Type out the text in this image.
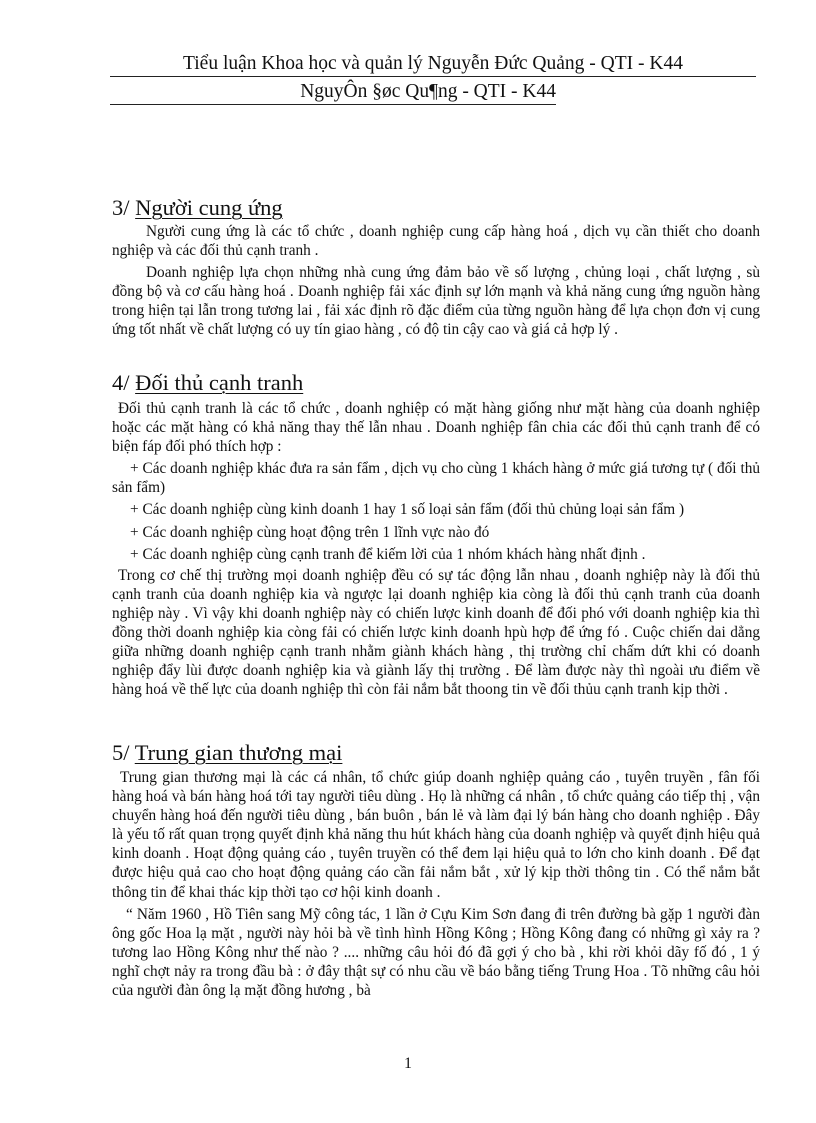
Tiểu luận Khoa học và quản lý Nguyễn Đức Quảng - QTI - K44
NguyÔn §øc Qu¶ng - QTI - K44
3/ Người cung ứng

Người cung ứng là các tổ chức , doanh nghiệp cung cấp hàng hoá , dịch vụ cần thiết cho doanh nghiệp và các đối thủ cạnh tranh .

Doanh nghiệp lựa chọn những nhà cung ứng đảm bảo về số lượng , chủng loại , chất lượng , sù đồng bộ và cơ cấu hàng hoá . Doanh nghiệp fải xác định sự lớn mạnh và khả năng cung ứng nguồn hàng trong hiện tại lẫn trong tương lai , fải xác định rõ đặc điểm của từng nguồn hàng để lựa chọn đơn vị cung ứng tốt nhất về chất lượng có uy tín giao hàng , có độ tin cậy cao và giá cả hợp lý .

4/ Đối thủ cạnh tranh

Đối thủ cạnh tranh là các tổ chức , doanh nghiệp có mặt hàng giống như mặt hàng của doanh nghiệp hoặc các mặt hàng có khả năng thay thế lẫn nhau . Doanh nghiệp fân chia các đối thủ cạnh tranh để có biện fáp đối phó thích hợp :

+ Các doanh nghiệp khác đưa ra sản fẩm , dịch vụ cho cùng 1 khách hàng ở mức giá tương tự ( đối thủ sản fẩm)

+ Các doanh nghiệp cùng kinh doanh 1 hay 1 số loại sản fẩm (đối thủ chủng loại sản fẩm )

+ Các doanh nghiệp cùng hoạt động trên 1 lĩnh vực nào đó

+ Các doanh nghiệp cùng cạnh tranh để kiếm lời của 1 nhóm khách hàng nhất định .

Trong cơ chế thị trường mọi doanh nghiệp đều có sự tác động lẫn nhau , doanh nghiệp này là đối thủ cạnh tranh của doanh nghiệp kia và ngược lại doanh nghiệp kia còng là đối thủ cạnh tranh của doanh nghiệp này . Vì vậy khi doanh nghiệp này có chiến lược kinh doanh để đối phó với doanh nghiệp kia thì đồng thời doanh nghiệp kia còng fải có chiến lược kinh doanh hpù hợp để ứng fó . Cuộc chiến dai dẳng giữa những doanh nghiệp cạnh tranh nhằm giành khách hàng , thị trường chỉ chấm dứt khi có doanh nghiệp đẩy lùi được doanh nghiệp kia và giành lấy thị trường . Để làm được này thì ngoài ưu điểm về hàng hoá về thế lực của doanh nghiệp thì còn fải nắm bắt thoong tin về đối thủu cạnh tranh kịp thời .

5/ Trung gian thương mại

Trung gian thương mại là các cá nhân, tổ chức giúp doanh nghiệp quảng cáo , tuyên truyền , fân fối hàng hoá và bán hàng hoá tới tay người tiêu dùng . Họ là những cá nhân , tổ chức quảng cáo tiếp thị , vận chuyển hàng hoá đến người tiêu dùng , bán buôn , bán lẻ và làm đại lý bán hàng cho doanh nghiệp . Đây là yếu tố rất quan trọng quyết định khả năng thu hút khách hàng của doanh nghiệp và quyết định hiệu quả kinh doanh . Hoạt động quảng cáo , tuyên truyền có thể đem lại hiệu quả to lớn cho kinh doanh . Để đạt được hiệu quả cao cho hoạt động quảng cáo cần fải nắm bắt , xử lý kịp thời thông tin . Có thể nắm bắt thông tin để khai thác kịp thời tạo cơ hội kinh doanh .

“ Năm 1960 , Hồ Tiên sang Mỹ công tác, 1 lần ở Cựu Kim Sơn đang đi trên đường bà gặp 1 người đàn ông gốc Hoa lạ mặt , người này hỏi bà về tình hình Hồng Kông ; Hồng Kông đang có những gì xảy ra ? tương lao Hồng Kông như thế nào ? .... những câu hỏi đó đã gợi ý cho bà , khi rời khỏi dãy fố đó , 1 ý nghĩ chợt nảy ra trong đầu bà : ở đây thật sự có nhu cầu về báo bằng tiếng Trung Hoa . Tõ những câu hỏi của người đàn ông lạ mặt đồng hương , bà

1
